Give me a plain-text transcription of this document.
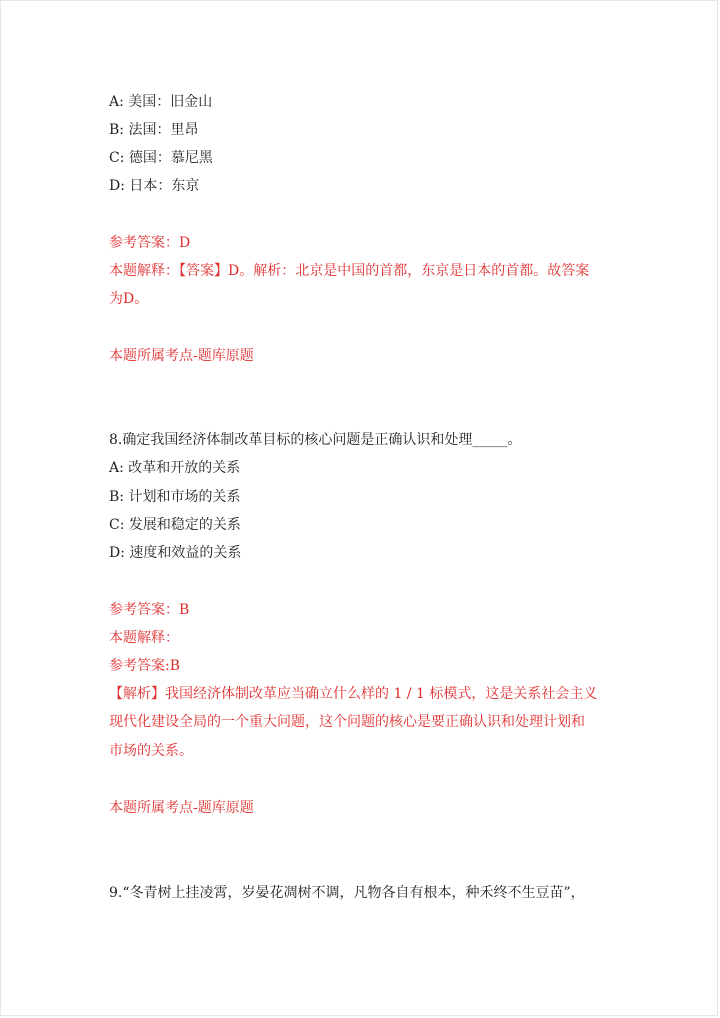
A: 美国：旧金山
B: 法国：里昂
C: 德国：慕尼黑
D: 日本：东京
参考答案：D
本题解释：【答案】D。解析：北京是中国的首都，东京是日本的首都。故答案
为D。
本题所属考点-题库原题
8.确定我国经济体制改革目标的核心问题是正确认识和处理_____。
A: 改革和开放的关系
B: 计划和市场的关系
C: 发展和稳定的关系
D: 速度和效益的关系
参考答案：B
本题解释：
参考答案:B
【解析】我国经济体制改革应当确立什么样的 1 / 1 标模式，这是关系社会主义
现代化建设全局的一个重大问题，这个问题的核心是要正确认识和处理计划和
市场的关系。
本题所属考点-题库原题
9.“冬青树上挂凌霄，岁晏花凋树不调，凡物各自有根本，种禾终不生豆苗”，
